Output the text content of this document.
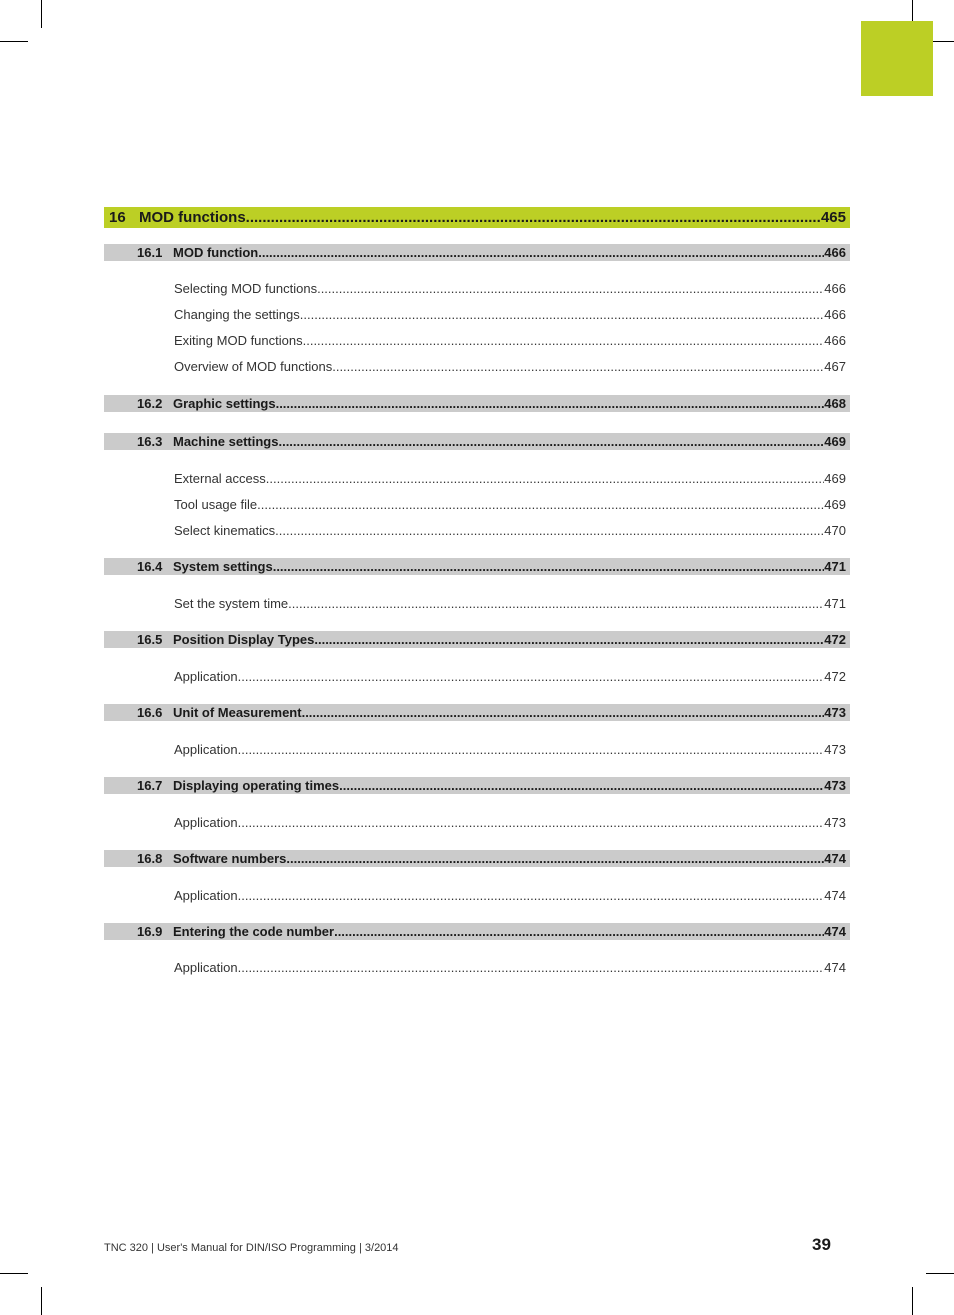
16 MOD functions .....	465
16.1 MOD function .....	466
Selecting MOD functions .....	466
Changing the settings .....	466
Exiting MOD functions .....	466
Overview of MOD functions .....	467
16.2 Graphic settings .....	468
16.3 Machine settings .....	469
External access .....	469
Tool usage file .....	469
Select kinematics .....	470
16.4 System settings .....	471
Set the system time .....	471
16.5 Position Display Types .....	472
Application .....	472
16.6 Unit of Measurement .....	473
Application .....	473
16.7 Displaying operating times .....	473
Application .....	473
16.8 Software numbers .....	474
Application .....	474
16.9 Entering the code number .....	474
Application .....	474
TNC 320 | User's Manual for DIN/ISO Programming | 3/2014	39
